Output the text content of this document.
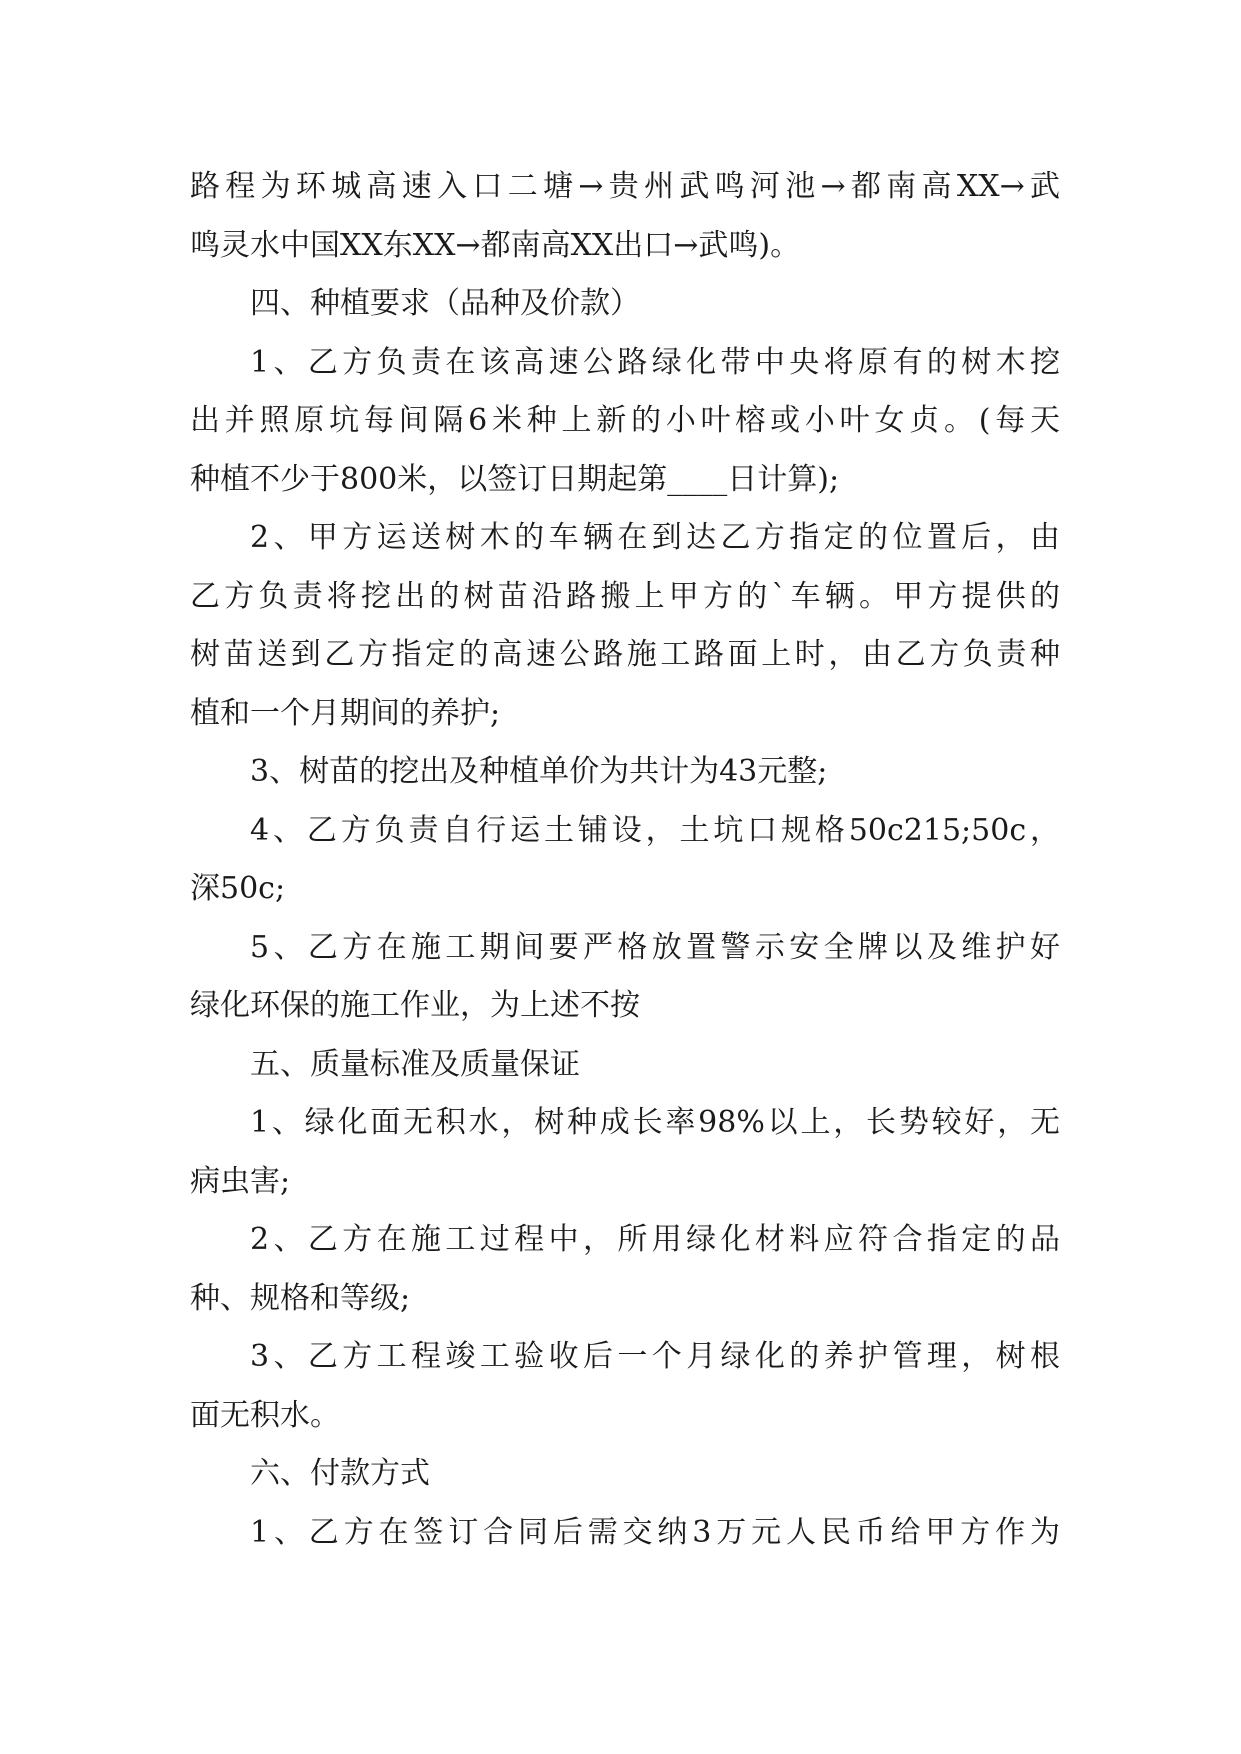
路程为环城高速入口二塘→贵州武鸣河池→都南高XX→武
鸣灵水中国XX东XX→都南高XX出口→武鸣)。
四、种植要求（品种及价款）
1、乙方负责在该高速公路绿化带中央将原有的树木挖
出并照原坑每间隔6米种上新的小叶榕或小叶女贞。(每天
种植不少于800米，以签订日期起第____日计算);
2、甲方运送树木的车辆在到达乙方指定的位置后，由
乙方负责将挖出的树苗沿路搬上甲方的`车辆。甲方提供的
树苗送到乙方指定的高速公路施工路面上时，由乙方负责种
植和一个月期间的养护;
3、树苗的挖出及种植单价为共计为43元整;
4、乙方负责自行运土铺设，土坑口规格50c215;50c，
深50c;
5、乙方在施工期间要严格放置警示安全牌以及维护好
绿化环保的施工作业，为上述不按
五、质量标准及质量保证
1、绿化面无积水，树种成长率98%以上，长势较好，无
病虫害;
2、乙方在施工过程中，所用绿化材料应符合指定的品
种、规格和等级;
3、乙方工程竣工验收后一个月绿化的养护管理，树根
面无积水。
六、付款方式
1、乙方在签订合同后需交纳3万元人民币给甲方作为
